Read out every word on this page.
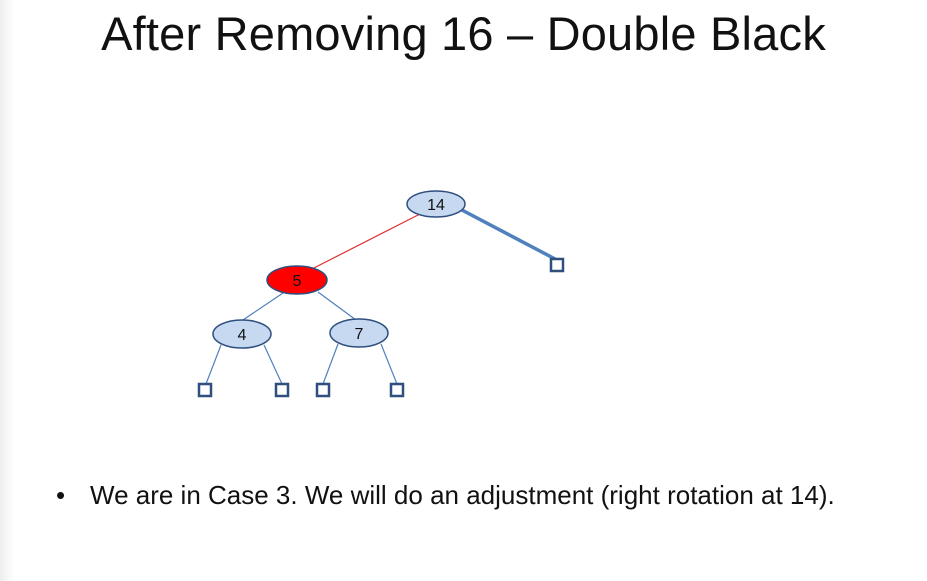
After Removing 16 – Double Black
14
5
4	7
• We are in Case 3. We will do an adjustment (right rotation at 14).
